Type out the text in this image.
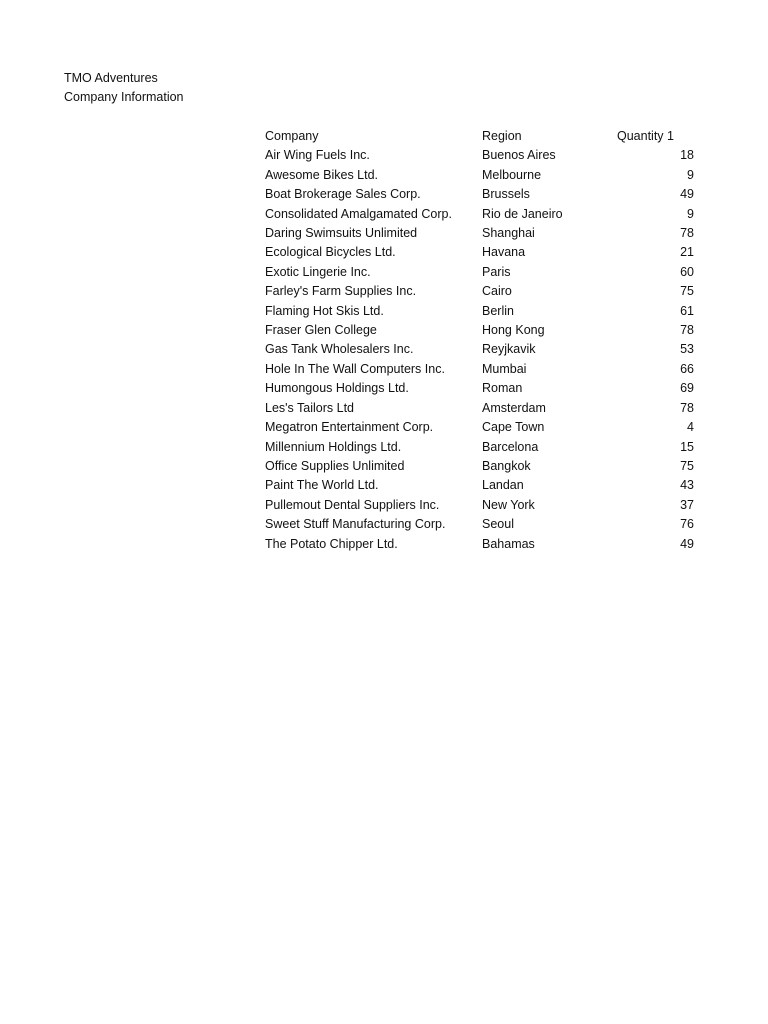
TMO Adventures
Company Information
Company	Region	Quantity 1
Air Wing Fuels Inc.	Buenos Aires	18
Awesome Bikes Ltd.	Melbourne	9
Boat Brokerage Sales Corp.	Brussels	49
Consolidated Amalgamated Corp.	Rio de Janeiro	9
Daring Swimsuits Unlimited	Shanghai	78
Ecological Bicycles Ltd.	Havana	21
Exotic Lingerie Inc.	Paris	60
Farley's Farm Supplies Inc.	Cairo	75
Flaming Hot Skis Ltd.	Berlin	61
Fraser Glen College	Hong Kong	78
Gas Tank Wholesalers Inc.	Reyjkavik	53
Hole In The Wall Computers Inc.	Mumbai	66
Humongous Holdings Ltd.	Roman	69
Les's Tailors Ltd	Amsterdam	78
Megatron Entertainment Corp.	Cape Town	4
Millennium Holdings Ltd.	Barcelona	15
Office Supplies Unlimited	Bangkok	75
Paint The World Ltd.	Landan	43
Pullemout Dental Suppliers Inc.	New York	37
Sweet Stuff Manufacturing Corp.	Seoul	76
The Potato Chipper Ltd.	Bahamas	49
